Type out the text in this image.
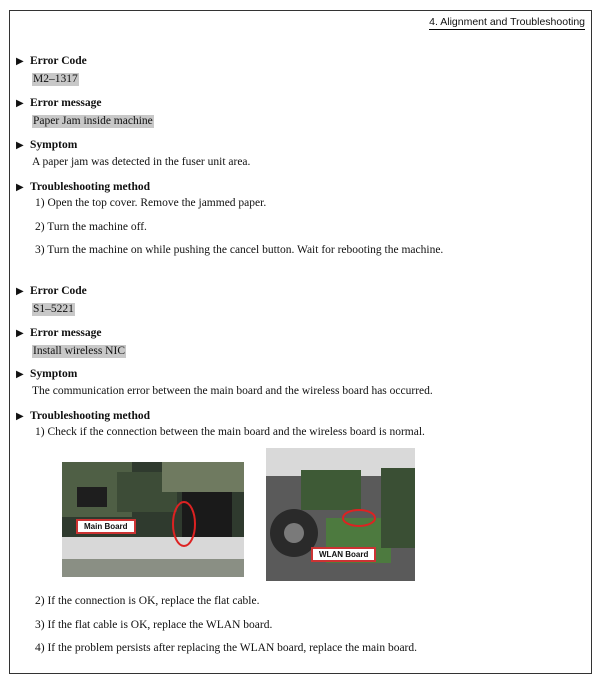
4. Alignment and Troubleshooting
▶ Error Code
M2–1317
▶ Error message
Paper Jam inside machine
▶ Symptom
A paper jam was detected in the fuser unit area.
▶ Troubleshooting method
1) Open the top cover. Remove the jammed paper.
2) Turn the machine off.
3) Turn the machine on while pushing the cancel button. Wait for rebooting the machine.
▶ Error Code
S1–5221
▶ Error message
Install wireless NIC
▶ Symptom
The communication error between the main board and the wireless board has occurred.
▶ Troubleshooting method
1) Check if the connection between the main board and the wireless board is normal.
Main Board
WLAN Board
2) If the connection is OK, replace the flat cable.
3) If the flat cable is OK, replace the WLAN board.
4) If the problem persists after replacing the WLAN board, replace the main board.
